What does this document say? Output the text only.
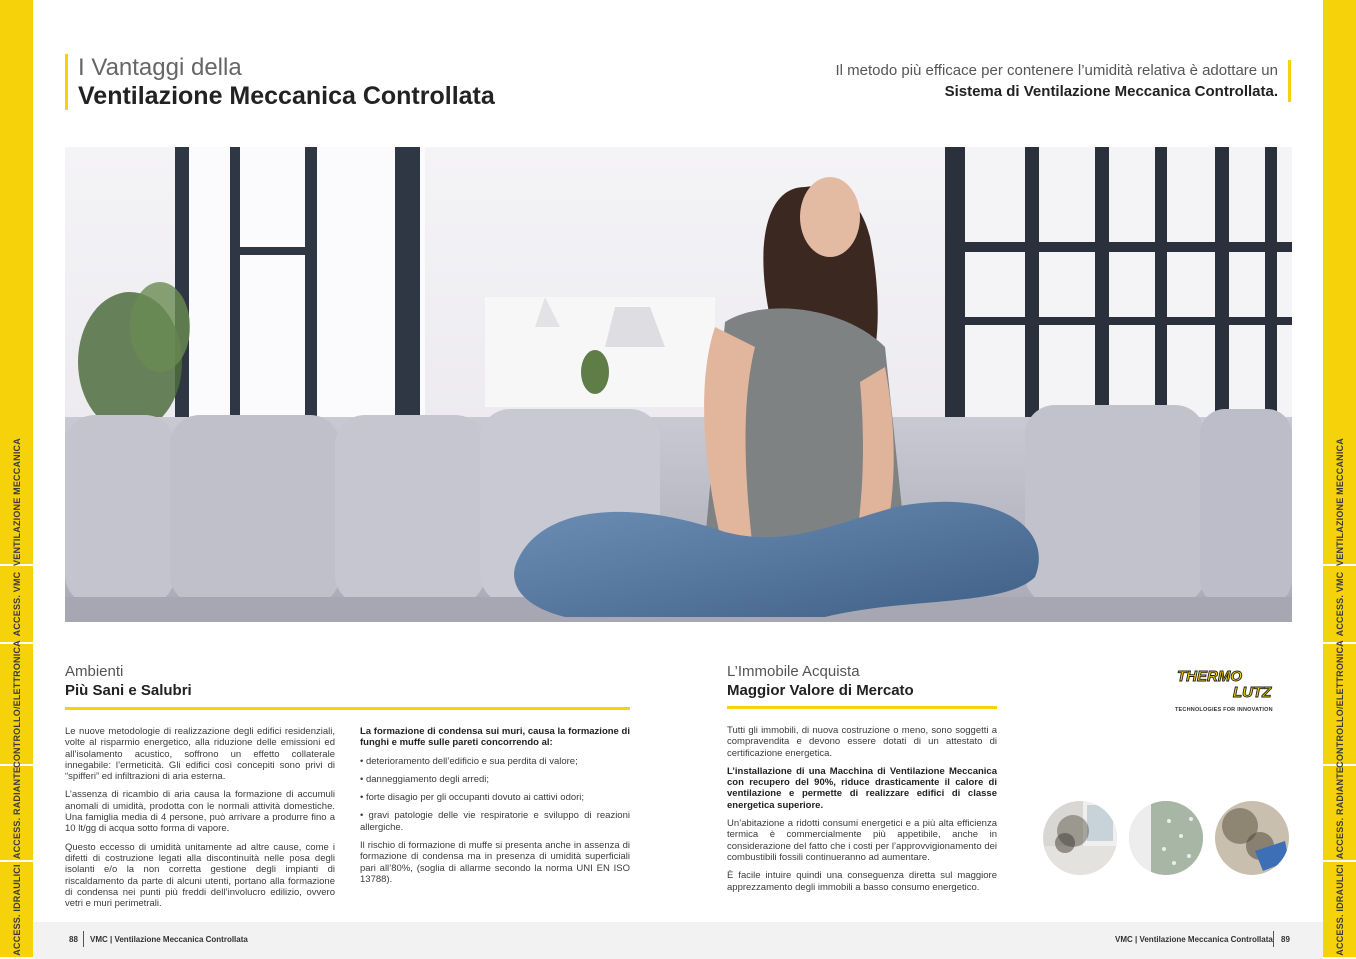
VENTILAZIONE MECCANICA
ACCESS. VMC
CONTROLLO/ELETTRONICA
ACCESS. RADIANTE
ACCESS. IDRAULICI
VENTILAZIONE MECCANICA
ACCESS. VMC
CONTROLLO/ELETTRONICA
ACCESS. RADIANTE
ACCESS. IDRAULICI
I Vantaggi della
Ventilazione Meccanica Controllata
Il metodo più efficace per contenere l’umidità relativa è adottare un
Sistema di Ventilazione Meccanica Controllata.
Ambienti
Più Sani e Salubri

Le nuove metodologie di realizzazione degli edifici residenziali, volte al risparmio energetico, alla riduzione delle emissioni ed all’isolamento acustico, soffrono un effetto collaterale innegabile: l’ermeticità. Gli edifici così concepiti sono privi di “spifferi” ed infiltrazioni di aria esterna.

L’assenza di ricambio di aria causa la formazione di accumuli anomali di umidità, prodotta con le normali attività domestiche. Una famiglia media di 4 persone, può arrivare a produrre fino a 10 lt/gg di acqua sotto forma di vapore.

Questo eccesso di umidità unitamente ad altre cause, come i difetti di costruzione legati alla discontinuità nelle posa degli isolanti e/o la non corretta gestione degli impianti di riscaldamento da parte di alcuni utenti, portano alla formazione di condensa nei punti più freddi dell’involucro edilizio, ovvero vetri e muri perimetrali.

La formazione di condensa sui muri, causa la formazione di funghi e muffe sulle pareti concorrendo al:

• deterioramento dell’edificio e sua perdita di valore;

• danneggiamento degli arredi;

• forte disagio per gli occupanti dovuto ai cattivi odori;

• gravi patologie delle vie respiratorie e sviluppo di reazioni allergiche.

Il rischio di formazione di muffe si presenta anche in assenza di formazione di condensa ma in presenza di umidità superficiali pari all’80%, (soglia di allarme secondo la norma UNI EN ISO 13788).

L’Immobile Acquista
Maggior Valore di Mercato

Tutti gli immobili, di nuova costruzione o meno, sono soggetti a compravendita e devono essere dotati di un attestato di certificazione energetica.

L’installazione di una Macchina di Ventilazione Meccanica con recupero del 90%, riduce drasticamente il calore di ventilazione e permette di realizzare edifici di classe energetica superiore.

Un’abitazione a ridotti consumi energetici e a più alta efficienza termica è commercialmente più appetibile, anche in considerazione del fatto che i costi per l’approvvigionamento dei combustibili fossili continueranno ad aumentare.

È facile intuire quindi una conseguenza diretta sul maggiore apprezzamento degli immobili a basso consumo energetico.

THERMO
LUTZ
TECHNOLOGIES FOR INNOVATION
88 VMC | Ventilazione Meccanica Controllata	VMC | Ventilazione Meccanica Controllata 89
